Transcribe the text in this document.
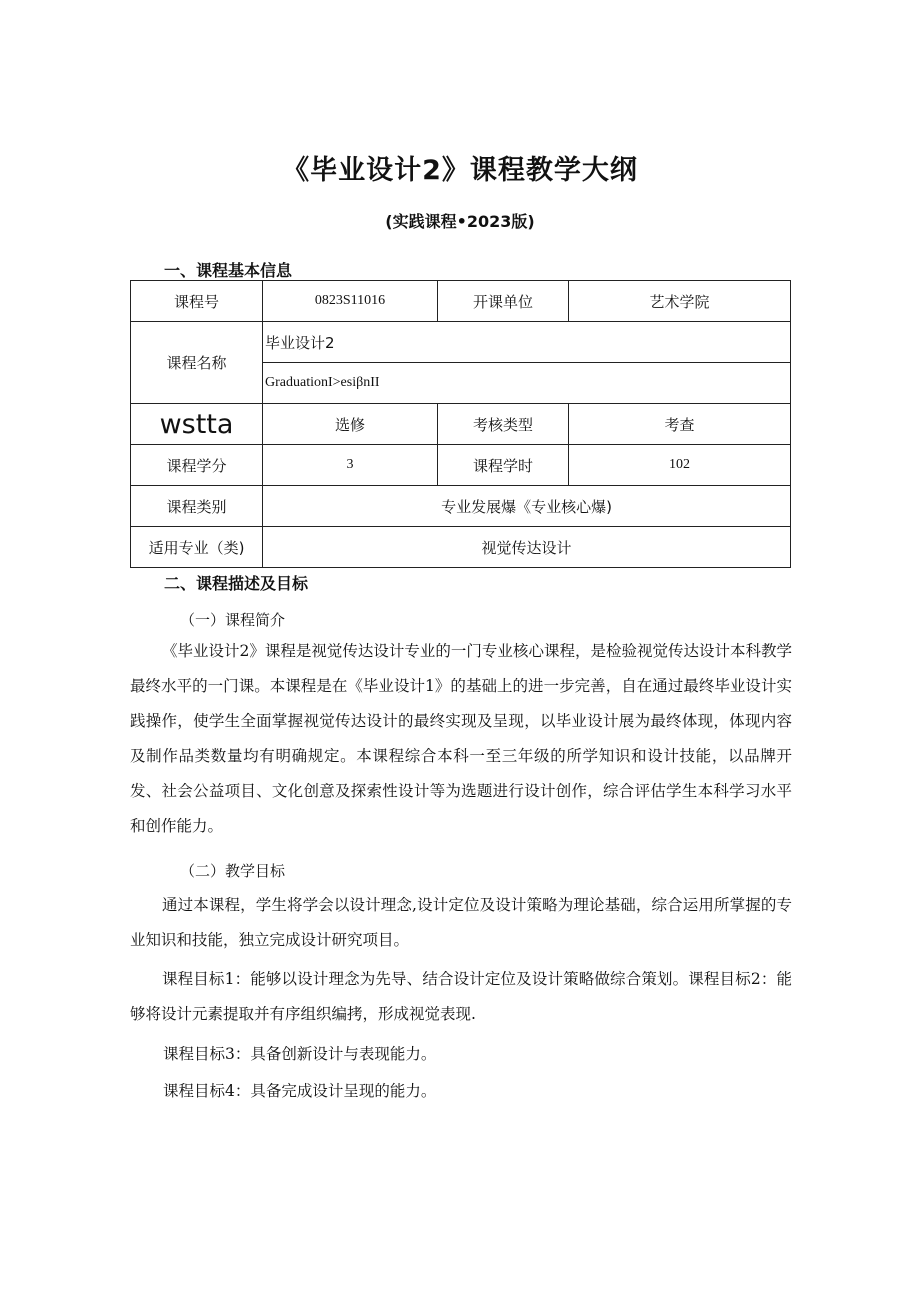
《毕业设计2》课程教学大纲
(实践课程•2023版)
一、课程基本信息
课程号	0823S11016	开课单位	艺术学院
课程名称	毕业设计2		
	GraduationI>esiβnII		
wstta	选修	考核类型	考查
课程学分	3	课程学时	102
课程类别	专业发展爆《专业核心爆)		
适用专业（类)	视觉传达设计		
二、课程描述及目标
（一）课程简介
《毕业设计2》课程是视觉传达设计专业的一门专业核心课程，是检验视觉传达设计本科教学最终水平的一门课。本课程是在《毕业设计1》的基础上的进一步完善，自在通过最终毕业设计实践操作，使学生全面掌握视觉传达设计的最终实现及呈现，以毕业设计展为最终体现，体现内容及制作品类数量均有明确规定。本课程综合本科一至三年级的所学知识和设计技能，以品牌开发、社会公益项目、文化创意及探索性设计等为选题进行设计创作，综合评估学生本科学习水平和创作能力。
（二）教学目标
通过本课程，学生将学会以设计理念,设计定位及设计策略为理论基础，综合运用所掌握的专业知识和技能，独立完成设计研究项目。
课程目标1：能够以设计理念为先导、结合设计定位及设计策略做综合策划。课程目标2：能够将设计元素提取并有序组织编拷，形成视觉表现.
课程目标3：具备创新设计与表现能力。
课程目标4：具备完成设计呈现的能力。
